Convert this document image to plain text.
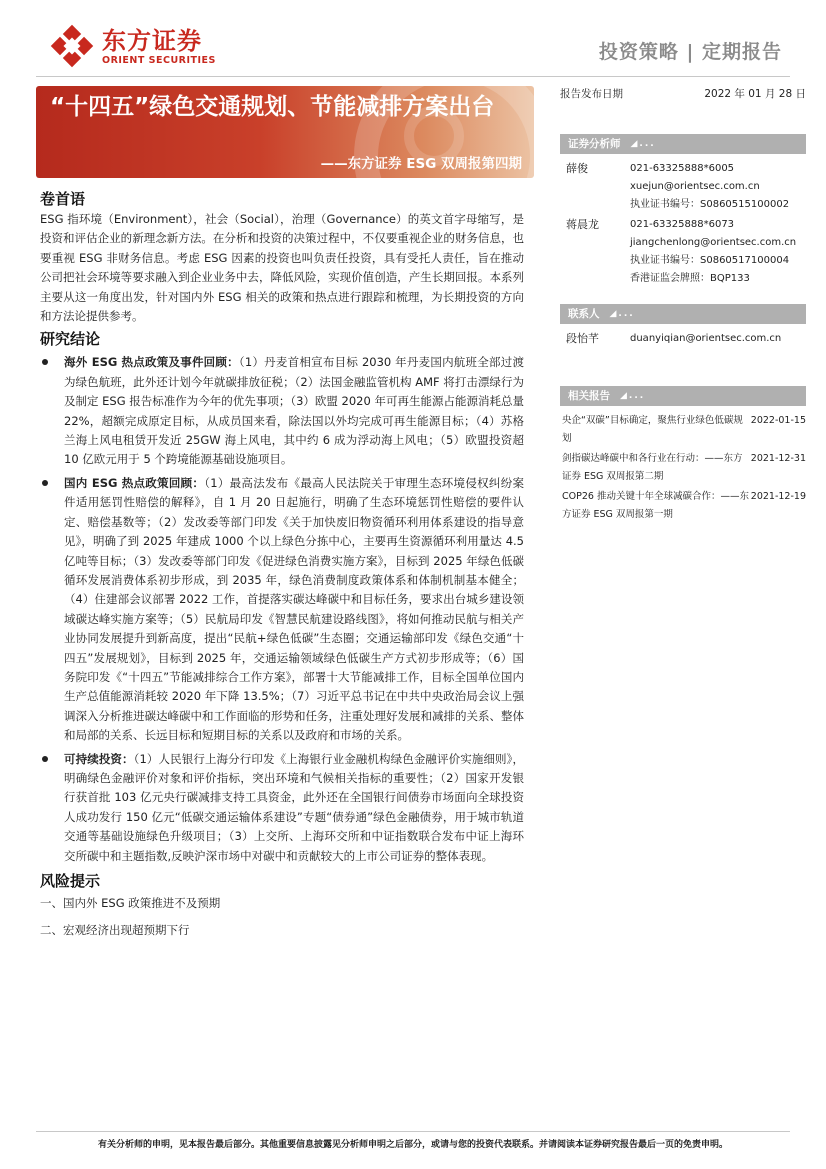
东方证券
ORIENT SECURITIES	投资策略 | 定期报告
“十四五”绿色交通规划、节能减排方案出台
——东方证券 ESG 双周报第四期
卷首语
ESG 指环境（Environment），社会（Social），治理（Governance）的英文首字母缩写，是投资和评估企业的新理念新方法。在分析和投资的决策过程中，不仅要重视企业的财务信息，也要重视 ESG 非财务信息。考虑 ESG 因素的投资也叫负责任投资，具有受托人责任，旨在推动公司把社会环境等要求融入到企业业务中去，降低风险，实现价值创造，产生长期回报。本系列主要从这一角度出发，针对国内外 ESG 相关的政策和热点进行跟踪和梳理，为长期投资的方向和方法论提供参考。
研究结论
海外 ESG 热点政策及事件回顾：（1）丹麦首相宣布目标 2030 年丹麦国内航班全部过渡为绿色航班，此外还计划今年就碳排放征税；（2）法国金融监管机构 AMF 将打击漂绿行为及制定 ESG 报告标准作为今年的优先事项；（3）欧盟 2020 年可再生能源占能源消耗总量 22%，超额完成原定目标，从成员国来看，除法国以外均完成可再生能源目标；（4）苏格兰海上风电租赁开发近 25GW 海上风电，其中约 6 成为浮动海上风电；（5）欧盟投资超 10 亿欧元用于 5 个跨境能源基础设施项目。
国内 ESG 热点政策回顾：（1）最高法发布《最高人民法院关于审理生态环境侵权纠纷案件适用惩罚性赔偿的解释》，自 1 月 20 日起施行，明确了生态环境惩罚性赔偿的要件认定、赔偿基数等；（2）发改委等部门印发《关于加快废旧物资循环利用体系建设的指导意见》，明确了到 2025 年建成 1000 个以上绿色分拣中心，主要再生资源循环利用量达 4.5 亿吨等目标；（3）发改委等部门印发《促进绿色消费实施方案》，目标到 2025 年绿色低碳循环发展消费体系初步形成，到 2035 年，绿色消费制度政策体系和体制机制基本健全；（4）住建部会议部署 2022 工作，首提落实碳达峰碳中和目标任务，要求出台城乡建设领域碳达峰实施方案等；（5）民航局印发《智慧民航建设路线图》，将如何推动民航与相关产业协同发展提升到新高度，提出“民航+绿色低碳”生态圈；交通运输部印发《绿色交通“十四五”发展规划》，目标到 2025 年，交通运输领域绿色低碳生产方式初步形成等；（6）国务院印发《“十四五”节能减排综合工作方案》，部署十大节能减排工作，目标全国单位国内生产总值能源消耗较 2020 年下降 13.5%；（7）习近平总书记在中共中央政治局会议上强调深入分析推进碳达峰碳中和工作面临的形势和任务，注重处理好发展和减排的关系、整体和局部的关系、长远目标和短期目标的关系以及政府和市场的关系。
可持续投资：（1）人民银行上海分行印发《上海银行业金融机构绿色金融评价实施细则》，明确绿色金融评价对象和评价指标，突出环境和气候相关指标的重要性；（2）国家开发银行获首批 103 亿元央行碳减排支持工具资金，此外还在全国银行间债券市场面向全球投资人成功发行 150 亿元“低碳交通运输体系建设”专题“债券通”绿色金融债券，用于城市轨道交通等基础设施绿色升级项目；（3）上交所、上海环交所和中证指数联合发布中证上海环交所碳中和主题指数,反映沪深市场中对碳中和贡献较大的上市公司证券的整体表现。
风险提示
一、国内外 ESG 政策推进不及预期
二、宏观经济出现超预期下行
报告发布日期	2022 年 01 月 28 日
证券分析师 ◢...
薛俊	021-63325888*6005
xuejun@orientsec.com.cn
执业证书编号：S0860515100002
蒋晨龙	021-63325888*6073
jiangchenlong@orientsec.com.cn
执业证书编号：S0860517100004
香港证监会牌照：BQP133
联系人 ◢...
段怡芊	duanyiqian@orientsec.com.cn
相关报告 ◢...
央企“双碳”目标确定，聚焦行业绿色低碳规划
2022-01-15
剑指碳达峰碳中和各行业在行动：——东方证券 ESG 双周报第二期
2021-12-31
COP26 推动关键十年全球减碳合作：——东方证券 ESG 双周报第一期
2021-12-19
有关分析师的申明，见本报告最后部分。其他重要信息披露见分析师申明之后部分，或请与您的投资代表联系。并请阅读本证券研究报告最后一页的免责申明。
